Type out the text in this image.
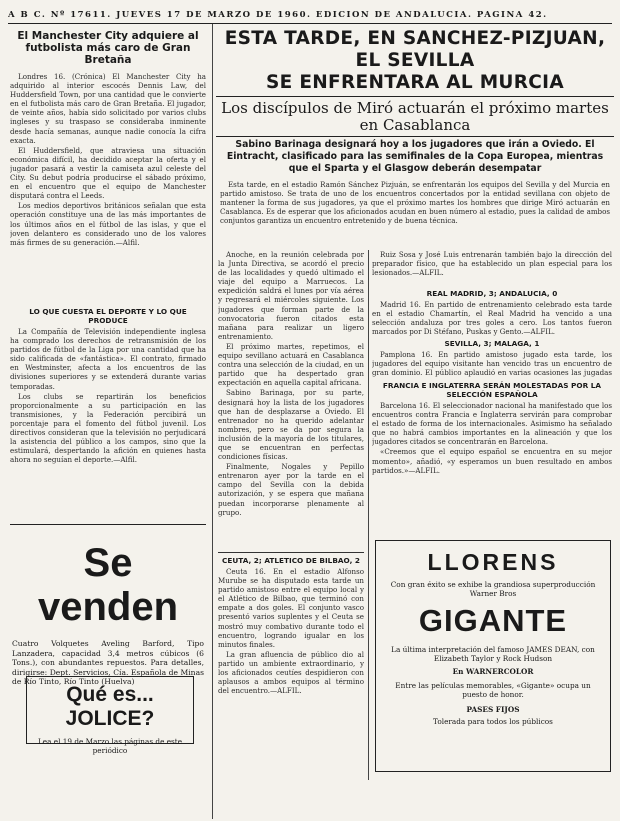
A B C. Nº 17611. JUEVES 17 DE MARZO DE 1960. EDICION DE ANDALUCIA. PAGINA 42.
El Manchester City adquiere al futbolista más caro de Gran Bretaña

Londres 16. (Crónica) El Manchester City ha adquirido al interior escocés Dennis Law, del Huddersfield Town, por una cantidad que le convierte en el futbolista más caro de Gran Bretaña. El jugador, de veinte años, había sido solicitado por varios clubs ingleses y su traspaso se consideraba inminente desde hacía semanas, aunque nadie conocía la cifra exacta.

El Huddersfield, que atraviesa una situación económica difícil, ha decidido aceptar la oferta y el jugador pasará a vestir la camiseta azul celeste del City. Su debut podría producirse el sábado próximo, en el encuentro que el equipo de Manchester disputará contra el Leeds.

Los medios deportivos británicos señalan que esta operación constituye una de las más importantes de los últimos años en el fútbol de las islas, y que el joven delantero es considerado uno de los valores más firmes de su generación.—Alfil.

LO QUE CUESTA EL DEPORTE Y LO QUE PRODUCE

La Compañía de Televisión independiente inglesa ha comprado los derechos de retransmisión de los partidos de fútbol de la Liga por una cantidad que ha sido calificada de «fantástica». El contrato, firmado en Westminster, afecta a los encuentros de las divisiones superiores y se extenderá durante varias temporadas.

Los clubs se repartirán los beneficios proporcionalmente a su participación en las transmisiones, y la Federación percibirá un porcentaje para el fomento del fútbol juvenil. Los directivos consideran que la televisión no perjudicará la asistencia del público a los campos, sino que la estimulará, despertando la afición en quienes hasta ahora no seguían el deporte.—Alfil.

Se venden
Cuatro Volquetes Aveling Barford, Tipo Lanzadera, capacidad 3,4 metros cúbicos (6 Tons.), con abundantes repuestos. Para detalles, dirigirse: Dept. Servicios, Cía. Española de Minas de Río Tinto, Río Tinto (Huelva)
Qué es... JOLICE?
Lea el 19 de Marzo las páginas de este periódico
ESTA TARDE, EN SANCHEZ-PIZJUAN, EL SEVILLA
SE ENFRENTARA AL MURCIA
Los discípulos de Miró actuarán el próximo martes
en Casablanca
Sabino Barinaga designará hoy a los jugadores que irán a Oviedo. El Eintracht, clasificado para las semifinales de la Copa Europea, mientras que el Sparta y el Glasgow deberán desempatar

Esta tarde, en el estadio Ramón Sánchez Pizjuán, se enfrentarán los equipos del Sevilla y del Murcia en partido amistoso. Se trata de uno de los encuentros concertados por la entidad sevillana con objeto de mantener la forma de sus jugadores, ya que el próximo martes los hombres que dirige Miró actuarán en Casablanca. Es de esperar que los aficionados acudan en buen número al estadio, pues la calidad de ambos conjuntos garantiza un encuentro entretenido y de buena técnica.

Anoche, en la reunión celebrada por la Junta Directiva, se acordó el precio de las localidades y quedó ultimado el viaje del equipo a Marruecos. La expedición saldrá el lunes por vía aérea y regresará el miércoles siguiente. Los jugadores que forman parte de la convocatoria fueron citados esta mañana para realizar un ligero entrenamiento.

El próximo martes, repetimos, el equipo sevillano actuará en Casablanca contra una selección de la ciudad, en un partido que ha despertado gran expectación en aquella capital africana.

Sabino Barinaga, por su parte, designará hoy la lista de los jugadores que han de desplazarse a Oviedo. El entrenador no ha querido adelantar nombres, pero se da por segura la inclusión de la mayoría de los titulares, que se encuentran en perfectas condiciones físicas.

Finalmente, Nogales y Pepillo entrenaron ayer por la tarde en el campo del Sevilla con la debida autorización, y se espera que mañana puedan incorporarse plenamente al grupo.

CEUTA, 2; ATLETICO DE BILBAO, 2

Ceuta 16. En el estadio Alfonso Murube se ha disputado esta tarde un partido amistoso entre el equipo local y el Atlético de Bilbao, que terminó con empate a dos goles. El conjunto vasco presentó varios suplentes y el Ceuta se mostró muy combativo durante todo el encuentro, logrando igualar en los minutos finales.

La gran afluencia de público dio al partido un ambiente extraordinario, y los aficionados ceutíes despidieron con aplausos a ambos equipos al término del encuentro.—ALFIL.

Ruiz Sosa y José Luis entrenarán también bajo la dirección del preparador físico, que ha establecido un plan especial para los lesionados.—ALFIL.

REAL MADRID, 3; ANDALUCIA, 0

Madrid 16. En partido de entrenamiento celebrado esta tarde en el estadio Chamartín, el Real Madrid ha vencido a una selección andaluza por tres goles a cero. Los tantos fueron marcados por Di Stéfano, Puskas y Gento.—ALFIL.

SEVILLA, 3; MALAGA, 1

Pamplona 16. En partido amistoso jugado esta tarde, los jugadores del equipo visitante han vencido tras un encuentro de gran dominio. El público aplaudió en varias ocasiones las jugadas

FRANCIA E INGLATERRA SERÁN MOLESTADAS POR LA SELECCIÓN ESPAÑOLA

Barcelona 16. El seleccionador nacional ha manifestado que los encuentros contra Francia e Inglaterra servirán para comprobar el estado de forma de los internacionales. Asimismo ha señalado que no habrá cambios importantes en la alineación y que los jugadores citados se concentrarán en Barcelona.

«Creemos que el equipo español se encuentra en su mejor momento», añadió, «y esperamos un buen resultado en ambos partidos.»—ALFIL.

LLORENS
Con gran éxito se exhibe la grandiosa superproducción Warner Bros
GIGANTE
La última interpretación del famoso JAMES DEAN, con Elizabeth Taylor y Rock Hudson
En WARNERCOLOR
Entre las películas memorables, «Gigante» ocupa un puesto de honor.
PASES FIJOS
Tolerada para todos los públicos
